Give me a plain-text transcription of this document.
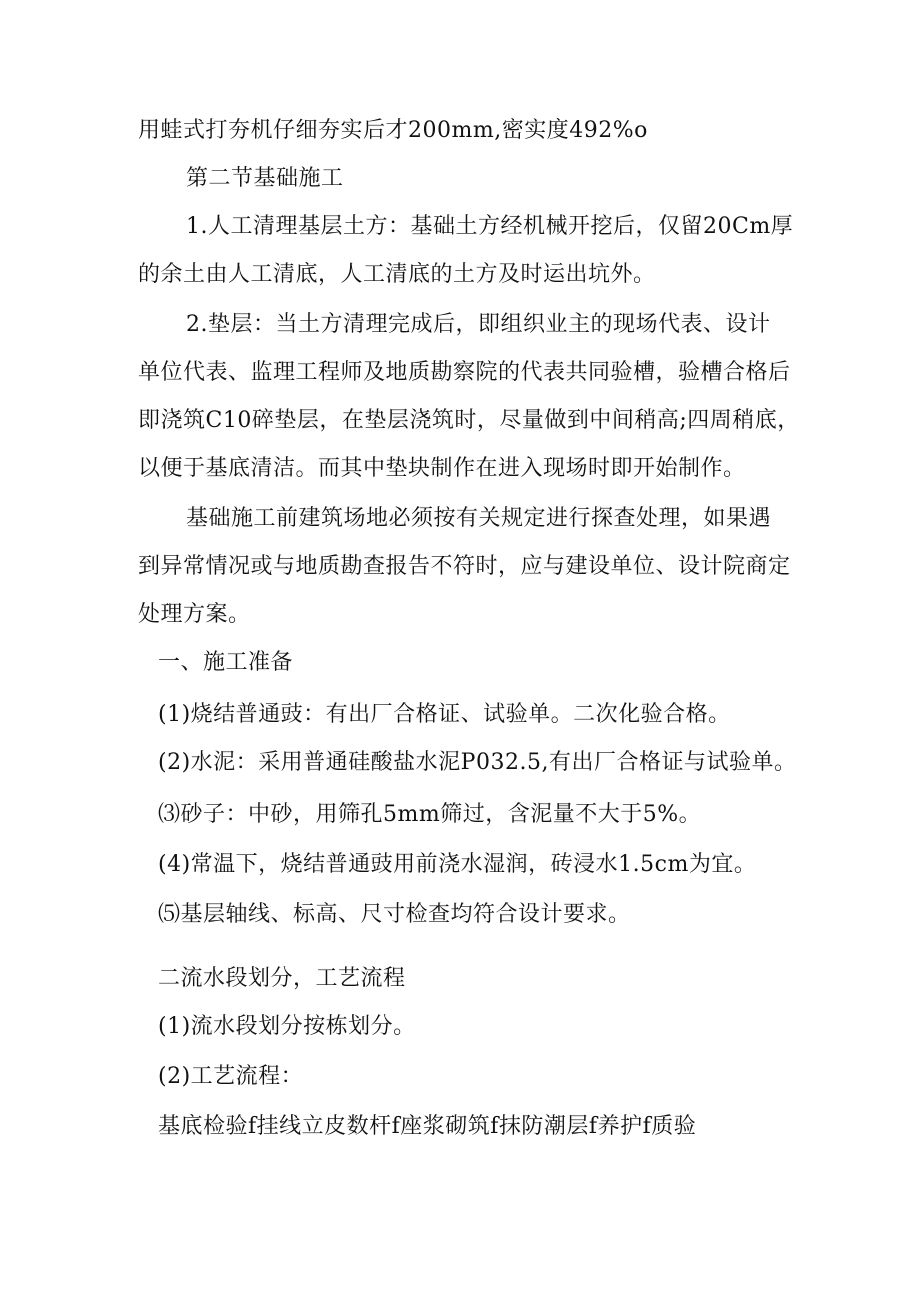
用蛙式打夯机仔细夯实后才200mm,密实度492%o
第二节基础施工
1.人工清理基层土方：基础土方经机械开挖后，仅留20Cm厚
的余土由人工清底，人工清底的土方及时运出坑外。
2.垫层：当土方清理完成后，即组织业主的现场代表、设计
单位代表、监理工程师及地质勘察院的代表共同验槽，验槽合格后
即浇筑C10碎垫层，在垫层浇筑时，尽量做到中间稍高;四周稍底，
以便于基底清洁。而其中垫块制作在进入现场时即开始制作。
基础施工前建筑场地必须按有关规定进行探查处理，如果遇
到异常情况或与地质勘查报告不符时，应与建设单位、设计院商定
处理方案。
一、施工准备
(1)烧结普通豉：有出厂合格证、试验单。二次化验合格。
(2)水泥：采用普通硅酸盐水泥P032.5,有出厂合格证与试验单。
⑶砂子：中砂，用筛孔5mm筛过，含泥量不大于5%。
(4)常温下，烧结普通豉用前浇水湿润，砖浸水1.5cm为宜。
⑸基层轴线、标高、尺寸检查均符合设计要求。
二流水段划分，工艺流程
(1)流水段划分按栋划分。
(2)工艺流程：
基底检验f挂线立皮数杆f座浆砌筑f抹防潮层f养护f质验
